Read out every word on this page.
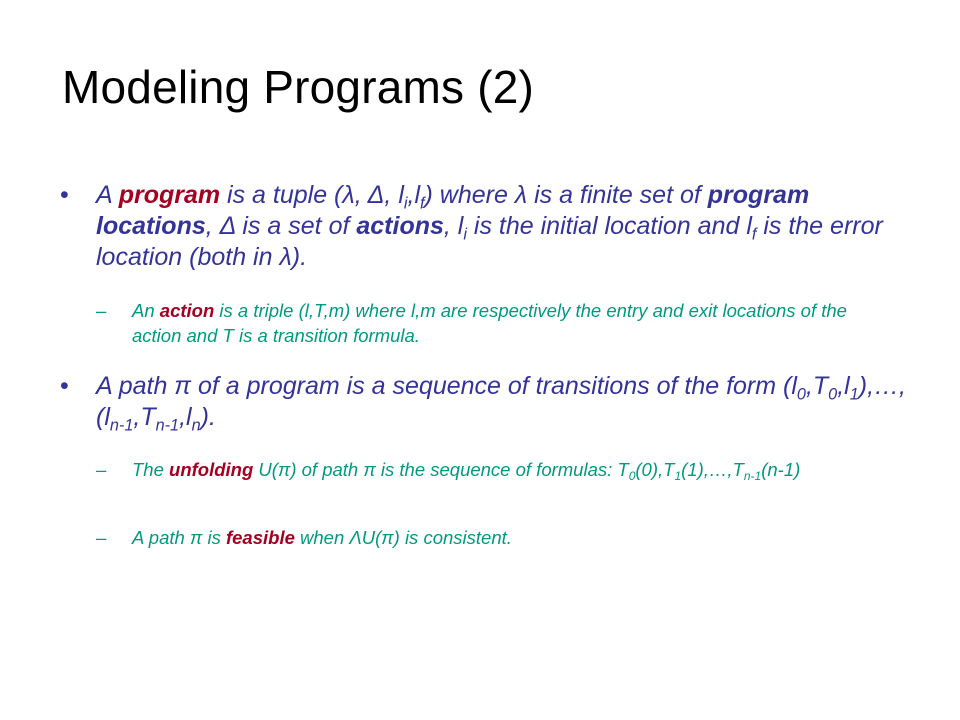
Modeling Programs (2)
• A program is a tuple (λ, Δ, $l_i,l_f$) where λ is a finite set of program locations, Δ is a set of actions, $l_i$ is the initial location and $l_f$ is the error location (both in λ).
– An action is a triple (l,T,m) where l,m are respectively the entry and exit locations of the action and T is a transition formula.
• A path π of a program is a sequence of transitions of the form $(l_0,T_0,l_1),\dots,(l_{n-1},T_{n-1},l_n)$.
– The unfolding U(π) of path π is the sequence of formulas: $T_0(0),T_1(1),\dots,T_{n-1}(n-1)$
– A path π is feasible when ΛU(π) is consistent.
